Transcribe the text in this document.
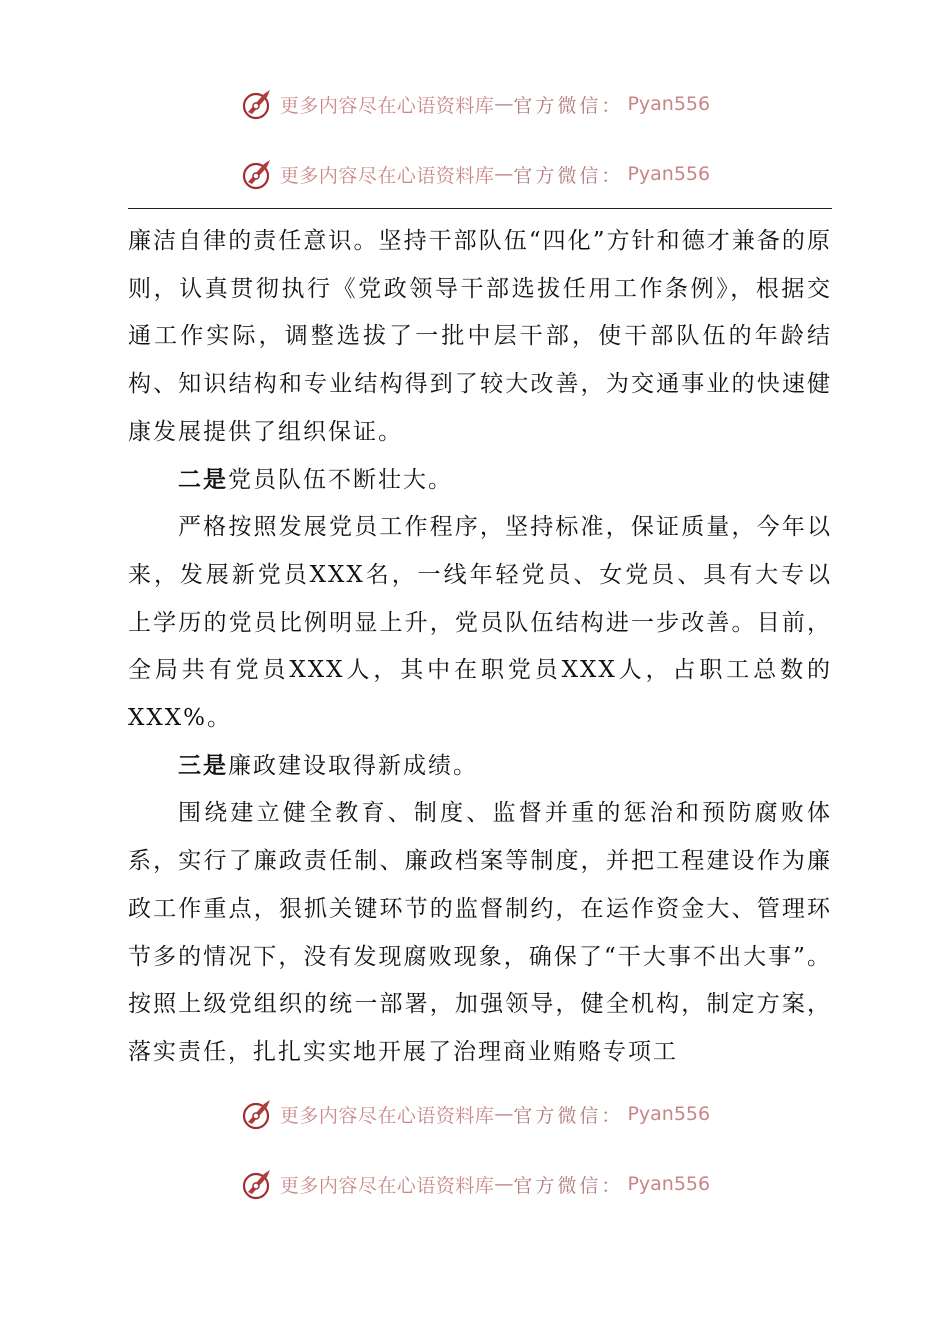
更多内容尽在心语资料库 — 官方微信： Pyan556
更多内容尽在心语资料库 — 官方微信： Pyan556

廉洁自律的责任意识。坚持干部队伍“四化”方针和德才兼备的原则，认真贯彻执行《党政领导干部选拔任用工作条例》，根据交通工作实际，调整选拔了一批中层干部，使干部队伍的年龄结构、知识结构和专业结构得到了较大改善，为交通事业的快速健康发展提供了组织保证。

二是党员队伍不断壮大。

严格按照发展党员工作程序，坚持标准，保证质量，今年以来，发展新党员XXX名，一线年轻党员、女党员、具有大专以上学历的党员比例明显上升，党员队伍结构进一步改善。目前，全局共有党员XXX人，其中在职党员XXX人，占职工总数的XXX%。

三是廉政建设取得新成绩。

围绕建立健全教育、制度、监督并重的惩治和预防腐败体系，实行了廉政责任制、廉政档案等制度，并把工程建设作为廉政工作重点，狠抓关键环节的监督制约，在运作资金大、管理环节多的情况下，没有发现腐败现象，确保了“干大事不出大事”。按照上级党组织的统一部署，加强领导，健全机构，制定方案，落实责任，扎扎实实地开展了治理商业贿赂专项工

更多内容尽在心语资料库 — 官方微信： Pyan556
更多内容尽在心语资料库 — 官方微信： Pyan556
